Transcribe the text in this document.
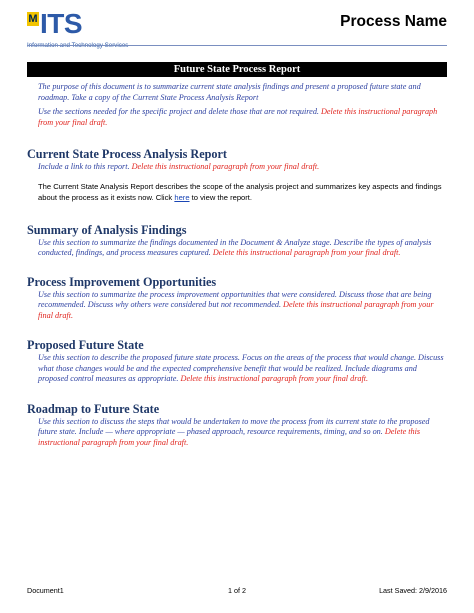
M ITS
Information and Technology Services
Process Name
Future State Process Report

The purpose of this document is to summarize current state analysis findings and present a proposed future state and roadmap. Take a copy of the Current State Process Analysis Report

Use the sections needed for the specific project and delete those that are not required. Delete this instructional paragraph from your final draft.

Current State Process Analysis Report

Include a link to this report. Delete this instructional paragraph from your final draft.

The Current State Analysis Report describes the scope of the analysis project and summarizes key aspects and findings about the process as it exists now. Click here to view the report.

Summary of Analysis Findings

Use this section to summarize the findings documented in the Document & Analyze stage. Describe the types of analysis conducted, findings, and process measures captured. Delete this instructional paragraph from your final draft.

Process Improvement Opportunities

Use this section to summarize the process improvement opportunities that were considered. Discuss those that are being recommended. Discuss why others were considered but not recommended. Delete this instructional paragraph from your final draft.

Proposed Future State

Use this section to describe the proposed future state process. Focus on the areas of the process that would change. Discuss what those changes would be and the expected comprehensive benefit that would be realized. Include diagrams and proposed control measures as appropriate. Delete this instructional paragraph from your final draft.

Roadmap to Future State

Use this section to discuss the steps that would be undertaken to move the process from its current state to the proposed future state. Include — where appropriate — phased approach, resource requirements, timing, and so on. Delete this instructional paragraph from your final draft.

Document1	1 of 2	Last Saved: 2/9/2016
